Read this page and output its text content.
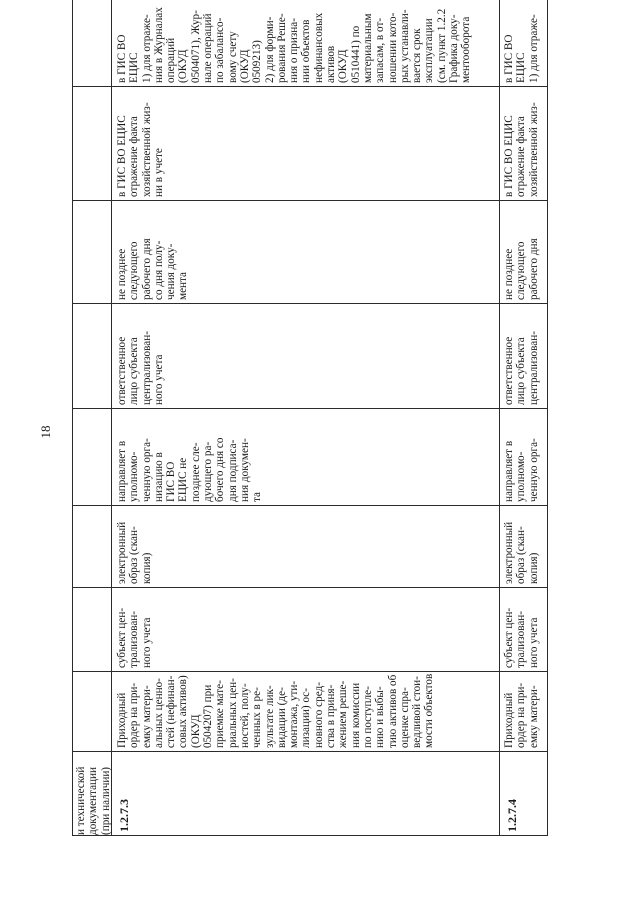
18
и технической
документации
(при наличии)
1.2.7.3
Приходный
ордер на при-
емку матери-
альных ценно-
стей (нефинан-
совых активов)
(ОКУД
0504207) при
приемке мате-
риальных цен-
ностей, полу-
ченных в ре-
зультате лик-
видации (де-
монтажа, ути-
лизации) ос-
новного сред-
ства в приня-
жением реше-
ния комиссии
по поступле-
нию и выбы-
тию активов об
оценке спра-
ведливой стои-
мости объектов
субъект цен-
трализован-
ного учета
электронный
образ (скан-
копия)
направляет в
уполномо-
ченную орга-
низацию в
ГИС ВО
ЕЦИС не
позднее сле-
дующего ра-
бочего дня со
дня подписа-
ния докумен-
та
ответственное
лицо субъекта
централизован-
ного учета
не позднее
следующего
рабочего дня
со дня полу-
чения доку-
мента
в ГИС ВО ЕЦИС
отражение факта
хозяйственной жиз-
ни в учете
в ГИС ВО
ЕЦИС
1) для отраже-
ния в Журналах
операций
(ОКУД
0504071), Жур-
нале операций
по забалансо-
вому счету
(ОКУД
0509213)
2) для форми-
рования Реше-
ния о призна-
нии объектов
нефинансовых
активов
(ОКУД
0510441) по
материальным
запасам, в от-
ношении кото-
рых устанавли-
вается срок
эксплуатации
(см. пункт 1.2.2
Графика доку-
ментооборота
1.2.7.4
Приходный
ордер на при-
емку матери-
субъект цен-
трализован-
ного учета
электронный
образ (скан-
копия)
направляет в
уполномо-
ченную орга-
ответственное
лицо субъекта
централизован-
не позднее
следующего
рабочего дня
в ГИС ВО ЕЦИС
отражение факта
хозяйственной жиз-
в ГИС ВО
ЕЦИС
1) для отраже-
